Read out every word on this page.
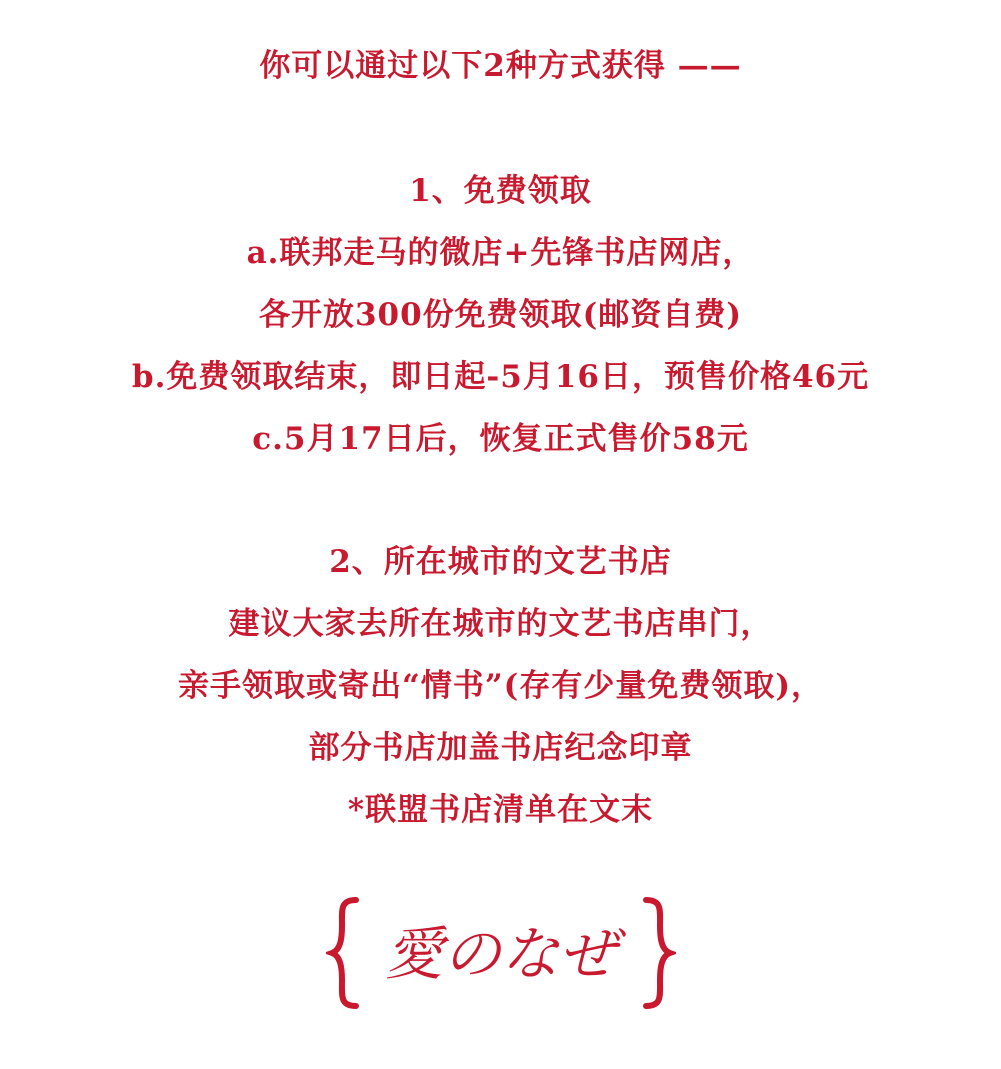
你可以通过以下2种方式获得 ——
1、免费领取
a.联邦走马的微店+先锋书店网店，
各开放300份免费领取(邮资自费)
b.免费领取结束，即日起-5月16日，预售价格46元
c.5月17日后，恢复正式售价58元
2、所在城市的文艺书店
建议大家去所在城市的文艺书店串门，
亲手领取或寄出“情书”(存有少量免费领取)，
部分书店加盖书店纪念印章
*联盟书店清单在文末
愛のなぜ
